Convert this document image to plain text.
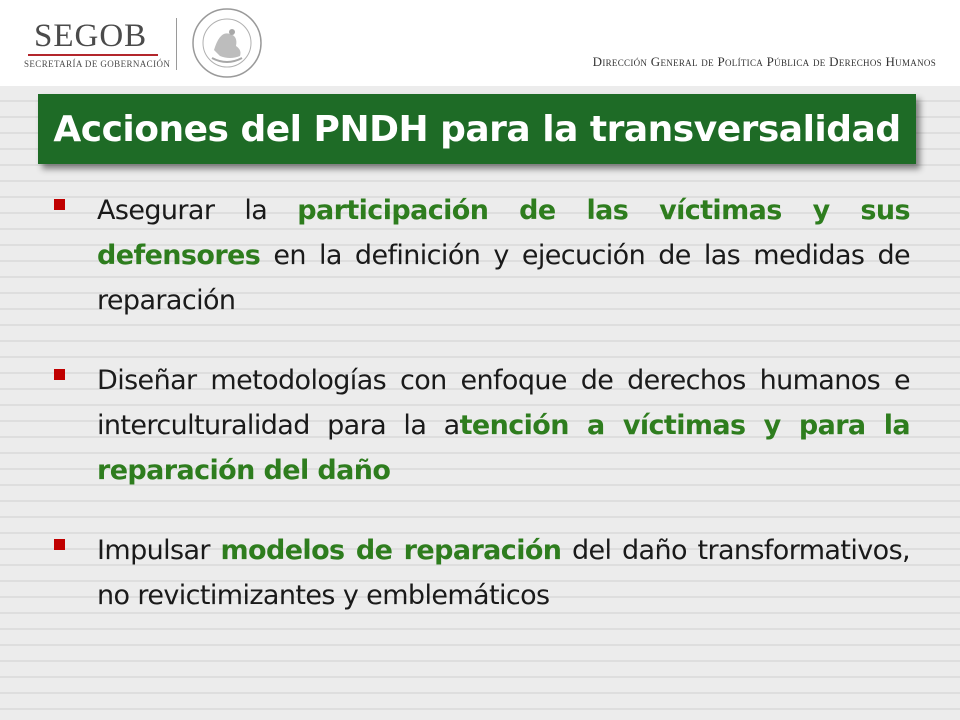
SEGOB
SECRETARÍA DE GOBERNACIÓN	Dirección General de Política Pública de Derechos Humanos
Acciones del PNDH para la transversalidad
Asegurar la participación de las víctimas y sus defensores en la definición y ejecución de las medidas de reparación
Diseñar metodologías con enfoque de derechos humanos e interculturalidad para la atención a víctimas y para la reparación del daño
Impulsar modelos de reparación del daño transformativos, no revictimizantes y emblemáticos
